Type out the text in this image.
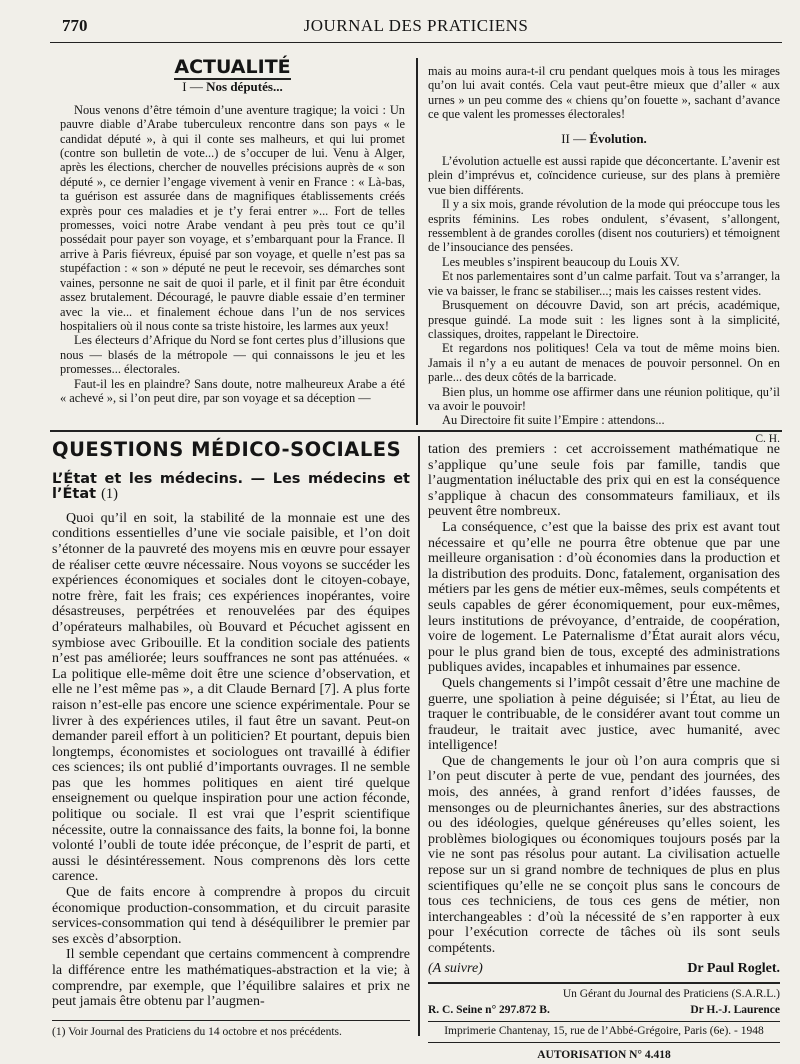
770	JOURNAL DES PRATICIENS
ACTUALITÉ
I — Nos députés...

Nous venons d’être témoin d’une aventure tragique; la voici : Un pauvre diable d’Arabe tuberculeux rencontre dans son pays « le candidat député », à qui il conte ses malheurs, et qui lui promet (contre son bulletin de vote...) de s’occuper de lui. Venu à Alger, après les élections, chercher de nouvelles précisions auprès de « son député », ce dernier l’engage vivement à venir en France : « Là-bas, ta guérison est assurée dans de magnifiques établissements créés exprès pour ces maladies et je t’y ferai entrer »... Fort de telles promesses, voici notre Arabe vendant à peu près tout ce qu’il possédait pour payer son voyage, et s’embarquant pour la France. Il arrive à Paris fiévreux, épuisé par son voyage, et quelle n’est pas sa stupéfaction : « son » député ne peut le recevoir, ses démarches sont vaines, personne ne sait de quoi il parle, et il finit par être éconduit assez brutalement. Découragé, le pauvre diable essaie d’en terminer avec la vie... et finalement échoue dans l’un de nos services hospitaliers où il nous conte sa triste histoire, les larmes aux yeux!

Les électeurs d’Afrique du Nord se font certes plus d’illusions que nous — blasés de la métropole — qui connaissons le jeu et les promesses... électorales.

Faut-il les en plaindre? Sans doute, notre malheureux Arabe a été « achevé », si l’on peut dire, par son voyage et sa déception —

mais au moins aura-t-il cru pendant quelques mois à tous les mirages qu’on lui avait contés. Cela vaut peut-être mieux que d’aller « aux urnes » un peu comme des « chiens qu’on fouette », sachant d’avance ce que valent les promesses électorales!

II — Évolution.

L’évolution actuelle est aussi rapide que déconcertante. L’avenir est plein d’imprévus et, coïncidence curieuse, sur des plans à première vue bien différents.

Il y a six mois, grande révolution de la mode qui préoccupe tous les esprits féminins. Les robes ondulent, s’évasent, s’allongent, ressemblent à de grandes corolles (disent nos couturiers) et témoignent de l’insouciance des pensées.

Les meubles s’inspirent beaucoup du Louis XV.

Et nos parlementaires sont d’un calme parfait. Tout va s’arranger, la vie va baisser, le franc se stabiliser...; mais les caisses restent vides.

Brusquement on découvre David, son art précis, académique, presque guindé. La mode suit : les lignes sont à la simplicité, classiques, droites, rappelant le Directoire.

Et regardons nos politiques! Cela va tout de même moins bien. Jamais il n’y a eu autant de menaces de pouvoir personnel. On en parle... des deux côtés de la barricade.

Bien plus, un homme ose affirmer dans une réunion politique, qu’il va avoir le pouvoir!

Au Directoire fit suite l’Empire : attendons...

C. H.
QUESTIONS MÉDICO-SOCIALES
L’État et les médecins. — Les médecins et l’État (1)

Quoi qu’il en soit, la stabilité de la monnaie est une des conditions essentielles d’une vie sociale paisible, et l’on doit s’étonner de la pauvreté des moyens mis en œuvre pour essayer de réaliser cette œuvre nécessaire. Nous voyons se succéder les expériences économiques et sociales dont le citoyen-cobaye, notre frère, fait les frais; ces expériences inopérantes, voire désastreuses, perpétrées et renouvelées par des équipes d’opérateurs malhabiles, où Bouvard et Pécuchet agissent en symbiose avec Gribouille. Et la condition sociale des patients n’est pas améliorée; leurs souffrances ne sont pas atténuées. « La politique elle-même doit être une science d’observation, et elle ne l’est même pas », a dit Claude Bernard [7]. A plus forte raison n’est-elle pas encore une science expérimentale. Pour se livrer à des expériences utiles, il faut être un savant. Peut-on demander pareil effort à un politicien? Et pourtant, depuis bien longtemps, économistes et sociologues ont travaillé à édifier ces sciences; ils ont publié d’importants ouvrages. Il ne semble pas que les hommes politiques en aient tiré quelque enseignement ou quelque inspiration pour une action féconde, politique ou sociale. Il est vrai que l’esprit scientifique nécessite, outre la connaissance des faits, la bonne foi, la bonne volonté l’oubli de toute idée préconçue, de l’esprit de parti, et aussi le désintéressement. Nous comprenons dès lors cette carence.

Que de faits encore à comprendre à propos du circuit économique production-consommation, et du circuit parasite services-consommation qui tend à déséquilibrer le premier par ses excès d’absorption.

Il semble cependant que certains commencent à comprendre la différence entre les mathématiques-abstraction et la vie; à comprendre, par exemple, que l’équilibre salaires et prix ne peut jamais être obtenu par l’augmen-

(1) Voir Journal des Praticiens du 14 octobre et nos précédents.

tation des premiers : cet accroissement mathématique ne s’applique qu’une seule fois par famille, tandis que l’augmentation inéluctable des prix qui en est la conséquence s’applique à chacun des consommateurs familiaux, et ils peuvent être nombreux.

La conséquence, c’est que la baisse des prix est avant tout nécessaire et qu’elle ne pourra être obtenue que par une meilleure organisation : d’où économies dans la production et la distribution des produits. Donc, fatalement, organisation des métiers par les gens de métier eux-mêmes, seuls compétents et seuls capables de gérer économiquement, pour eux-mêmes, leurs institutions de prévoyance, d’entraide, de coopération, voire de logement. Le Paternalisme d’État aurait alors vécu, pour le plus grand bien de tous, excepté des administrations publiques avides, incapables et inhumaines par essence.

Quels changements si l’impôt cessait d’être une machine de guerre, une spoliation à peine déguisée; si l’État, au lieu de traquer le contribuable, de le considérer avant tout comme un fraudeur, le traitait avec justice, avec humanité, avec intelligence!

Que de changements le jour où l’on aura compris que si l’on peut discuter à perte de vue, pendant des journées, des mois, des années, à grand renfort d’idées fausses, de mensonges ou de pleurnichantes âneries, sur des abstractions ou des idéologies, quelque généreuses qu’elles soient, les problèmes biologiques ou économiques toujours posés par la vie ne sont pas résolus pour autant. La civilisation actuelle repose sur un si grand nombre de techniques de plus en plus scientifiques qu’elle ne se conçoit plus sans le concours de tous ces techniciens, de tous ces gens de métier, non interchangeables : d’où la nécessité de s’en rapporter à eux pour l’exécution correcte de tâches où ils sont seuls compétents.

(A suivre)	Dr Paul Roglet.
Un Gérant du Journal des Praticiens (S.A.R.L.)
R. C. Seine n° 297.872 B.	Dr H.-J. Laurence
Imprimerie Chantenay, 15, rue de l’Abbé-Grégoire, Paris (6e). - 1948
AUTORISATION N° 4.418
